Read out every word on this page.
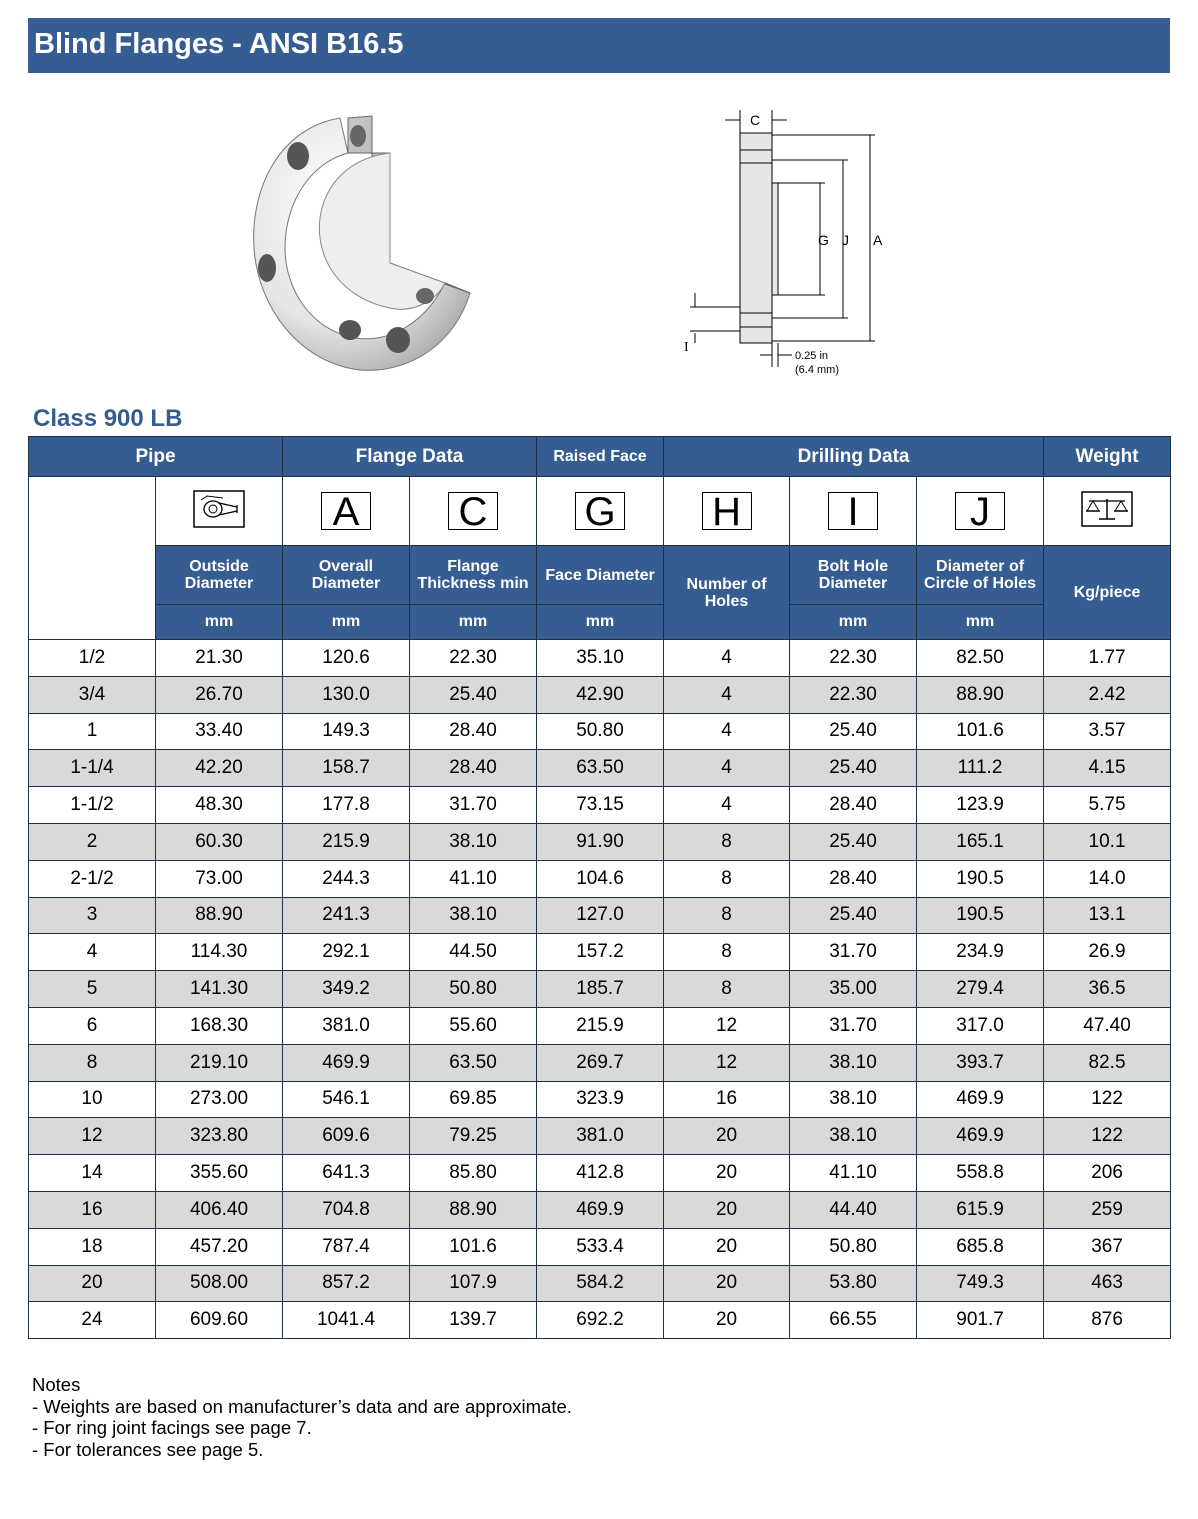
Blind Flanges - ANSI B16.5
C
G J A
I
0.25 in
(6.4 mm)
Class 900 LB
Pipe		Flange Data		Raised Face	Drilling Data			Weight
Nominal Pipe Size		A	C	G	H	I	J	
	Outside Diameter	Overall Diameter	Flange Thickness min	Face Diameter	Number of Holes	Bolt Hole Diameter	Diameter of Circle of Holes	Kg/piece
	mm	mm	mm	mm		mm	mm	
1/2	21.30	120.6	22.30	35.10	4	22.30	82.50	1.77
3/4	26.70	130.0	25.40	42.90	4	22.30	88.90	2.42
1	33.40	149.3	28.40	50.80	4	25.40	101.6	3.57
1-1/4	42.20	158.7	28.40	63.50	4	25.40	111.2	4.15
1-1/2	48.30	177.8	31.70	73.15	4	28.40	123.9	5.75
2	60.30	215.9	38.10	91.90	8	25.40	165.1	10.1
2-1/2	73.00	244.3	41.10	104.6	8	28.40	190.5	14.0
3	88.90	241.3	38.10	127.0	8	25.40	190.5	13.1
4	114.30	292.1	44.50	157.2	8	31.70	234.9	26.9
5	141.30	349.2	50.80	185.7	8	35.00	279.4	36.5
6	168.30	381.0	55.60	215.9	12	31.70	317.0	47.40
8	219.10	469.9	63.50	269.7	12	38.10	393.7	82.5
10	273.00	546.1	69.85	323.9	16	38.10	469.9	122
12	323.80	609.6	79.25	381.0	20	38.10	469.9	122
14	355.60	641.3	85.80	412.8	20	41.10	558.8	206
16	406.40	704.8	88.90	469.9	20	44.40	615.9	259
18	457.20	787.4	101.6	533.4	20	50.80	685.8	367
20	508.00	857.2	107.9	584.2	20	53.80	749.3	463
24	609.60	1041.4	139.7	692.2	20	66.55	901.7	876
Notes
- Weights are based on manufacturer’s data and are approximate.
- For ring joint facings see page 7.
- For tolerances see page 5.
